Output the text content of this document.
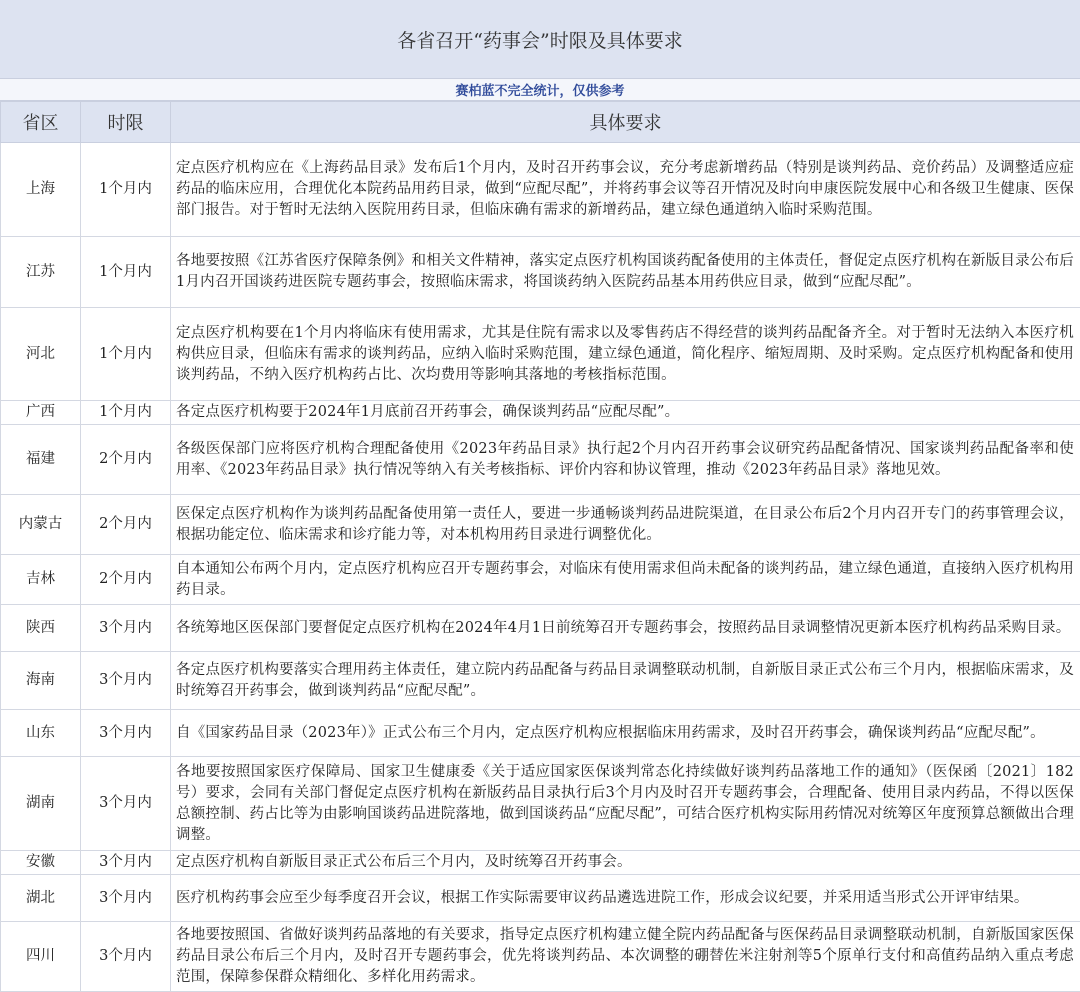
各省召开“药事会”时限及具体要求
赛柏蓝不完全统计，仅供参考
省区	时限	具体要求
上海	1个月内	定点医疗机构应在《上海药品目录》发布后1个月内，及时召开药事会议，充分考虑新增药品（特别是谈判药品、竞价药品）及调整适应症药品的临床应用，合理优化本院药品用药目录，做到“应配尽配”，并将药事会议等召开情况及时向申康医院发展中心和各级卫生健康、医保部门报告。对于暂时无法纳入医院用药目录，但临床确有需求的新增药品，建立绿色通道纳入临时采购范围。
江苏	1个月内	各地要按照《江苏省医疗保障条例》和相关文件精神，落实定点医疗机构国谈药配备使用的主体责任，督促定点医疗机构在新版目录公布后1月内召开国谈药进医院专题药事会，按照临床需求，将国谈药纳入医院药品基本用药供应目录，做到“应配尽配”。
河北	1个月内	定点医疗机构要在1个月内将临床有使用需求，尤其是住院有需求以及零售药店不得经营的谈判药品配备齐全。对于暂时无法纳入本医疗机构供应目录，但临床有需求的谈判药品，应纳入临时采购范围，建立绿色通道，简化程序、缩短周期、及时采购。定点医疗机构配备和使用谈判药品，不纳入医疗机构药占比、次均费用等影响其落地的考核指标范围。
广西	1个月内	各定点医疗机构要于2024年1月底前召开药事会，确保谈判药品“应配尽配”。
福建	2个月内	各级医保部门应将医疗机构合理配备使用《2023年药品目录》执行起2个月内召开药事会议研究药品配备情况、国家谈判药品配备率和使用率、《2023年药品目录》执行情况等纳入有关考核指标、评价内容和协议管理，推动《2023年药品目录》落地见效。
内蒙古	2个月内	医保定点医疗机构作为谈判药品配备使用第一责任人，要进一步通畅谈判药品进院渠道，在目录公布后2个月内召开专门的药事管理会议，根据功能定位、临床需求和诊疗能力等，对本机构用药目录进行调整优化。
吉林	2个月内	自本通知公布两个月内，定点医疗机构应召开专题药事会，对临床有使用需求但尚未配备的谈判药品，建立绿色通道，直接纳入医疗机构用药目录。
陕西	3个月内	各统筹地区医保部门要督促定点医疗机构在2024年4月1日前统筹召开专题药事会，按照药品目录调整情况更新本医疗机构药品采购目录。
海南	3个月内	各定点医疗机构要落实合理用药主体责任，建立院内药品配备与药品目录调整联动机制，自新版目录正式公布三个月内，根据临床需求，及时统筹召开药事会，做到谈判药品“应配尽配”。
山东	3个月内	自《国家药品目录（2023年）》正式公布三个月内，定点医疗机构应根据临床用药需求，及时召开药事会，确保谈判药品“应配尽配”。
湖南	3个月内	各地要按照国家医疗保障局、国家卫生健康委《关于适应国家医保谈判常态化持续做好谈判药品落地工作的通知》（医保函〔2021〕182号）要求，会同有关部门督促定点医疗机构在新版药品目录执行后3个月内及时召开专题药事会，合理配备、使用目录内药品，不得以医保总额控制、药占比等为由影响国谈药品进院落地，做到国谈药品“应配尽配”，可结合医疗机构实际用药情况对统筹区年度预算总额做出合理调整。
安徽	3个月内	定点医疗机构自新版目录正式公布后三个月内，及时统筹召开药事会。
湖北	3个月内	医疗机构药事会应至少每季度召开会议，根据工作实际需要审议药品遴选进院工作，形成会议纪要，并采用适当形式公开评审结果。
四川	3个月内	各地要按照国、省做好谈判药品落地的有关要求，指导定点医疗机构建立健全院内药品配备与医保药品目录调整联动机制，自新版国家医保药品目录公布后三个月内，及时召开专题药事会，优先将谈判药品、本次调整的硼替佐米注射剂等5个原单行支付和高值药品纳入重点考虑范围，保障参保群众精细化、多样化用药需求。
